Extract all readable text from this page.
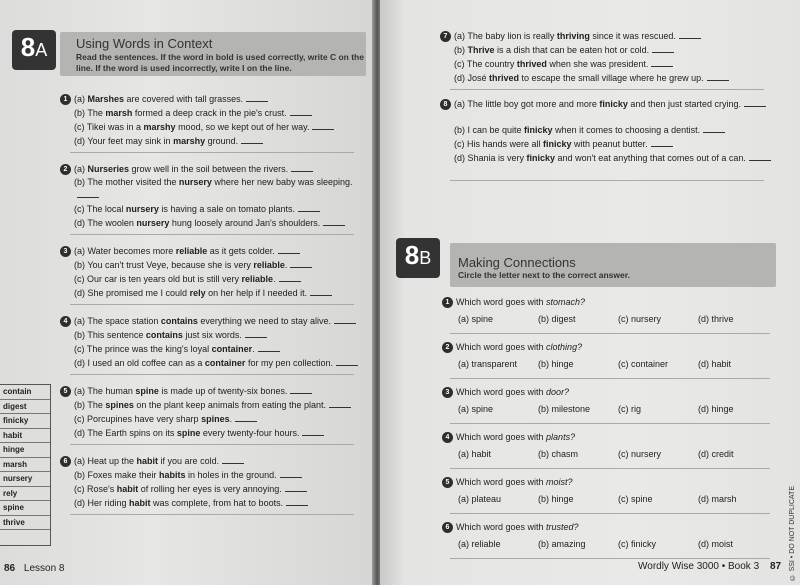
8 A Using Words in Context
Read the sentences. If the word in bold is used correctly, write C on the line. If the word is used incorrectly, write I on the line.
1 (a) Marshes are covered with tall grasses.
(b) The marsh formed a deep crack in the pie's crust.
(c) Tikei was in a marshy mood, so we kept out of her way.
(d) Your feet may sink in marshy ground.
2 (a) Nurseries grow well in the soil between the rivers.
(b) The mother visited the nursery where her new baby was sleeping.
(c) The local nursery is having a sale on tomato plants.
(d) The woolen nursery hung loosely around Jan's shoulders.
3 (a) Water becomes more reliable as it gets colder.
(b) You can't trust Veye, because she is very reliable.
(c) Our car is ten years old but is still very reliable.
(d) She promised me I could rely on her help if I needed it.
4 (a) The space station contains everything we need to stay alive.
(b) This sentence contains just six words.
(c) The prince was the king's loyal container.
(d) I used an old coffee can as a container for my pen collection.
5 (a) The human spine is made up of twenty-six bones.
(b) The spines on the plant keep animals from eating the plant.
(c) Porcupines have very sharp spines.
(d) The Earth spins on its spine every twenty-four hours.
6 (a) Heat up the habit if you are cold.
(b) Foxes make their habits in holes in the ground.
(c) Rose's habit of rolling her eyes is very annoying.
(d) Her riding habit was complete, from hat to boots.
contain
digest
finicky
habit
hinge
marsh
nursery
rely
spine
thrive
86 Lesson 8
7 (a) The baby lion is really thriving since it was rescued.
(b) Thrive is a dish that can be eaten hot or cold.
(c) The country thrived when she was president.
(d) José thrived to escape the small village where he grew up.
8 (a) The little boy got more and more finicky and then just started crying.
(b) I can be quite finicky when it comes to choosing a dentist.
(c) His hands were all finicky with peanut butter.
(d) Shania is very finicky and won't eat anything that comes out of a can.
8 B Making Connections
Circle the letter next to the correct answer.
1 Which word goes with stomach?
(a) spine	(b) digest	(c) nursery	(d) thrive
2 Which word goes with clothing?
(a) transparent (b) hinge	(c) container	(d) habit
3 Which word goes with door?
(a) spine	(b) milestone	(c) rig	(d) hinge
4 Which word goes with plants?
(a) habit	(b) chasm	(c) nursery	(d) credit
5 Which word goes with moist?
(a) plateau	(b) hinge	(c) spine	(d) marsh
6 Which word goes with trusted?
(a) reliable	(b) amazing	(c) finicky	(d) moist	© SSI • DO NOT DUPLICATE
Wordly Wise 3000 • Book 3 87
